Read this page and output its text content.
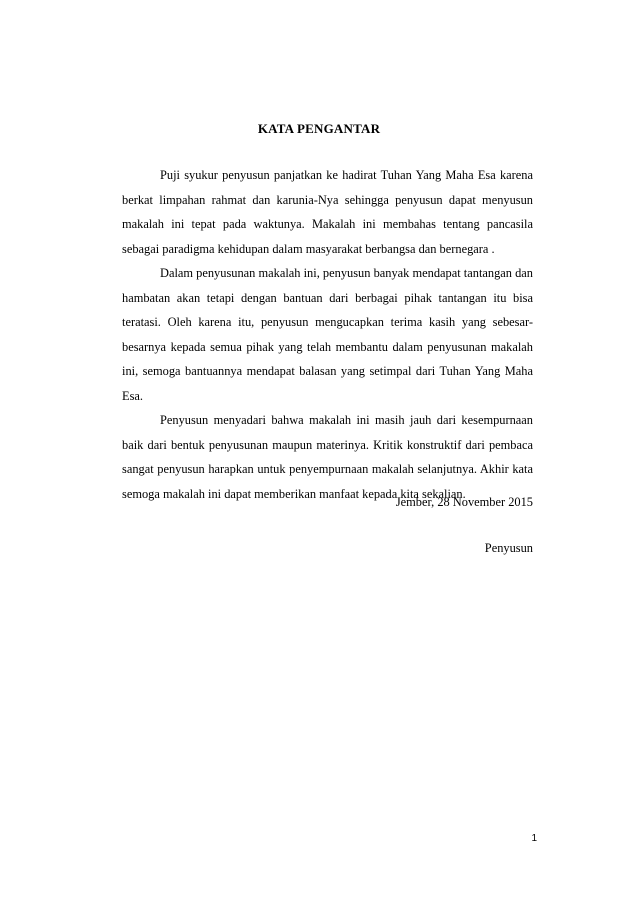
KATA PENGANTAR

Puji syukur penyusun panjatkan ke hadirat Tuhan Yang Maha Esa karena berkat limpahan rahmat dan karunia-Nya sehingga penyusun dapat menyusun makalah ini tepat pada waktunya. Makalah ini membahas tentang pancasila sebagai paradigma kehidupan dalam masyarakat berbangsa dan bernegara .

Dalam penyusunan makalah ini, penyusun banyak mendapat tantangan dan hambatan akan tetapi dengan bantuan dari berbagai pihak tantangan itu bisa teratasi. Oleh karena itu, penyusun mengucapkan terima kasih yang sebesar-besarnya kepada semua pihak yang telah membantu dalam penyusunan makalah ini, semoga bantuannya mendapat balasan yang setimpal dari Tuhan Yang Maha Esa.

Penyusun menyadari bahwa makalah ini masih jauh dari kesempurnaan baik dari bentuk penyusunan maupun materinya. Kritik konstruktif dari pembaca sangat penyusun harapkan untuk penyempurnaan makalah selanjutnya. Akhir kata semoga makalah ini dapat memberikan manfaat kepada kita sekalian.

Jember, 28 November 2015
Penyusun
1
